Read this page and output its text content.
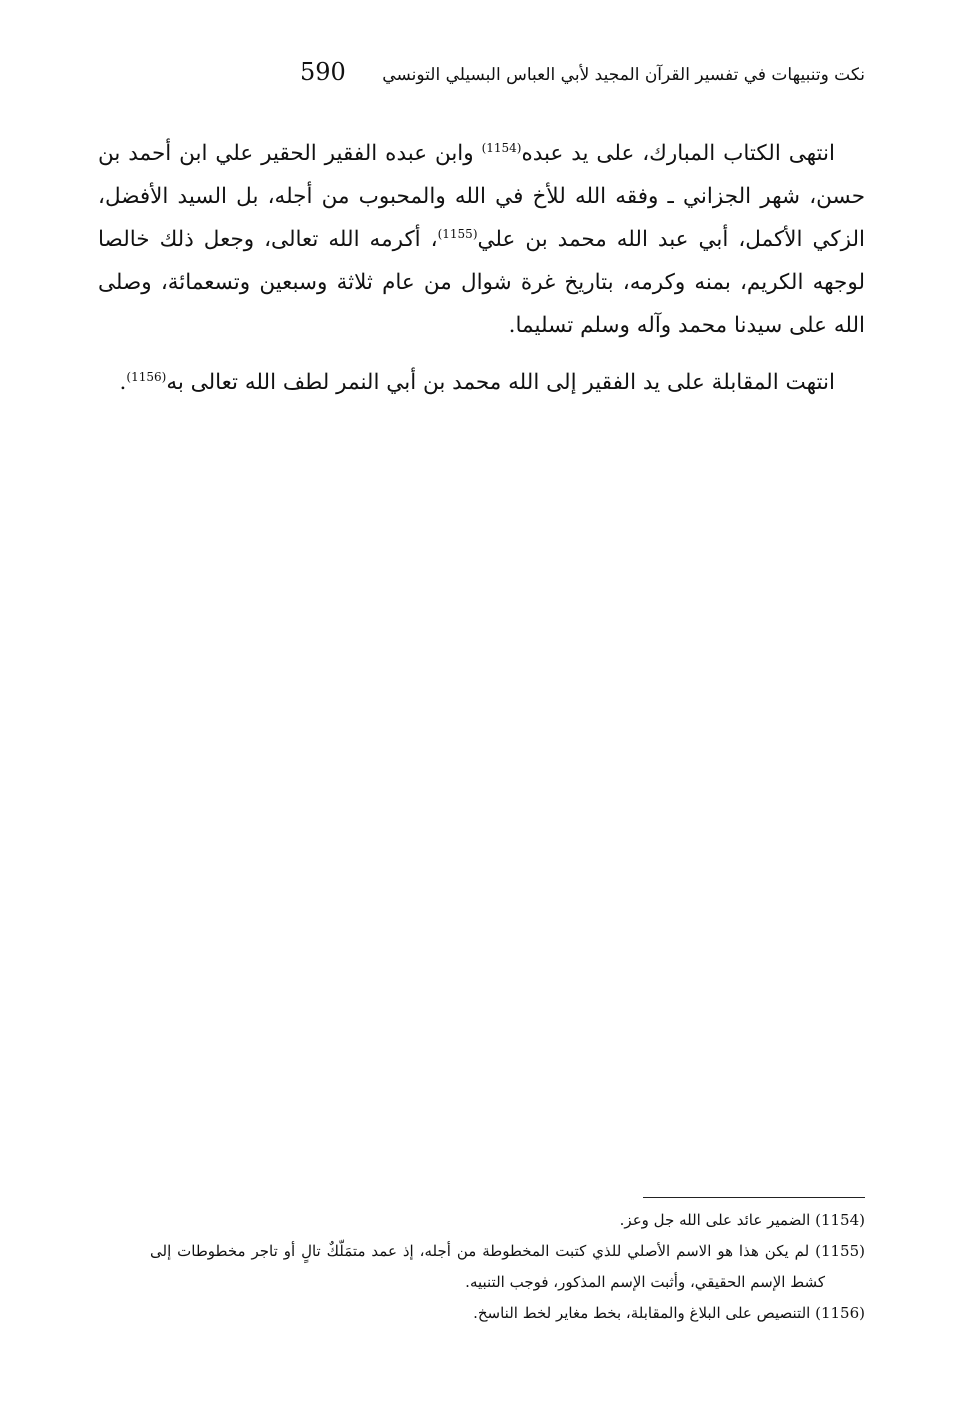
590 نكت وتنبيهات في تفسير القرآن المجيد لأبي العباس البسيلي التونسي

انتهى الكتاب المبارك، على يد عبده$^{(1154)}$ وابن عبده الفقير الحقير علي ابن أحمد بن حسن، شهر الجزاني ـ وفقه الله للأخ في الله والمحبوب من أجله، بل السيد الأفضل، الزكي الأكمل، أبي عبد الله محمد بن علي$^{(1155)}$، أكرمه الله تعالى، وجعل ذلك خالصا لوجهه الكريم، بمنه وكرمه، بتاريخ غرة شوال من عام ثلاثة وسبعين وتسعمائة، وصلى الله على سيدنا محمد وآله وسلم تسليما.

انتهت المقابلة على يد الفقير إلى الله محمد بن أبي النمر لطف الله تعالى به$^{(1156)}$.

(1154) الضمير عائد على الله جل وعز.

(1155) لم يكن هذا هو الاسم الأصلي للذي كتبت المخطوطة من أجله، إذ عمد متمَلّكٌ تالٍ أو تاجر مخطوطات إلى كشط الإسم الحقيقي، وأثبت الإسم المذكور، فوجب التنبيه.

(1156) التنصيص على البلاغ والمقابلة، بخط مغاير لخط الناسخ.
